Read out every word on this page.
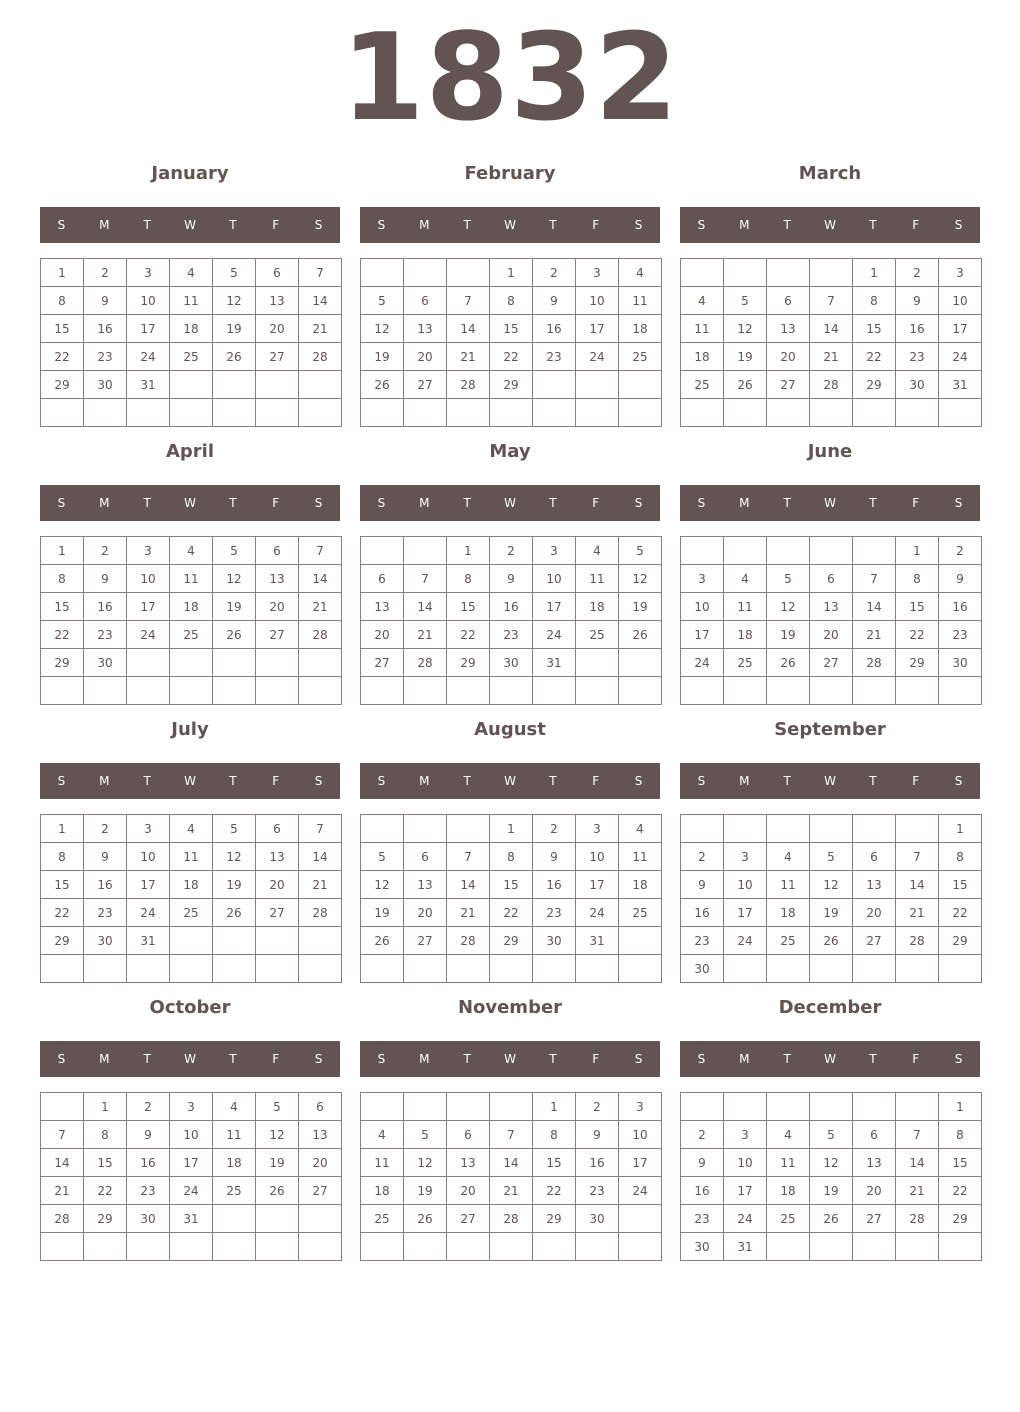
1832
January
S	M	T	W	T	F	S
1	2	3	4	5	6	7
8	9	10	11	12	13	14
15	16	17	18	19	20	21
22	23	24	25	26	27	28
29	30	31				

February
S	M	T	W	T	F	S
			1	2	3	4
5	6	7	8	9	10	11
12	13	14	15	16	17	18
19	20	21	22	23	24	25
26	27	28	29			

March
S	M	T	W	T	F	S
				1	2	3
4	5	6	7	8	9	10
11	12	13	14	15	16	17
18	19	20	21	22	23	24
25	26	27	28	29	30	31

April
S	M	T	W	T	F	S
1	2	3	4	5	6	7
8	9	10	11	12	13	14
15	16	17	18	19	20	21
22	23	24	25	26	27	28
29	30					

May
S	M	T	W	T	F	S
		1	2	3	4	5
6	7	8	9	10	11	12
13	14	15	16	17	18	19
20	21	22	23	24	25	26
27	28	29	30	31		

June
S	M	T	W	T	F	S
					1	2
3	4	5	6	7	8	9
10	11	12	13	14	15	16
17	18	19	20	21	22	23
24	25	26	27	28	29	30

July
S	M	T	W	T	F	S
1	2	3	4	5	6	7
8	9	10	11	12	13	14
15	16	17	18	19	20	21
22	23	24	25	26	27	28
29	30	31				

August
S	M	T	W	T	F	S
			1	2	3	4
5	6	7	8	9	10	11
12	13	14	15	16	17	18
19	20	21	22	23	24	25
26	27	28	29	30	31	

September
S	M	T	W	T	F	S
						1
2	3	4	5	6	7	8
9	10	11	12	13	14	15
16	17	18	19	20	21	22
23	24	25	26	27	28	29
30						
October
S	M	T	W	T	F	S
	1	2	3	4	5	6
7	8	9	10	11	12	13
14	15	16	17	18	19	20
21	22	23	24	25	26	27
28	29	30	31			

November
S	M	T	W	T	F	S
				1	2	3
4	5	6	7	8	9	10
11	12	13	14	15	16	17
18	19	20	21	22	23	24
25	26	27	28	29	30	

December
S	M	T	W	T	F	S
						1
2	3	4	5	6	7	8
9	10	11	12	13	14	15
16	17	18	19	20	21	22
23	24	25	26	27	28	29
30	31					
